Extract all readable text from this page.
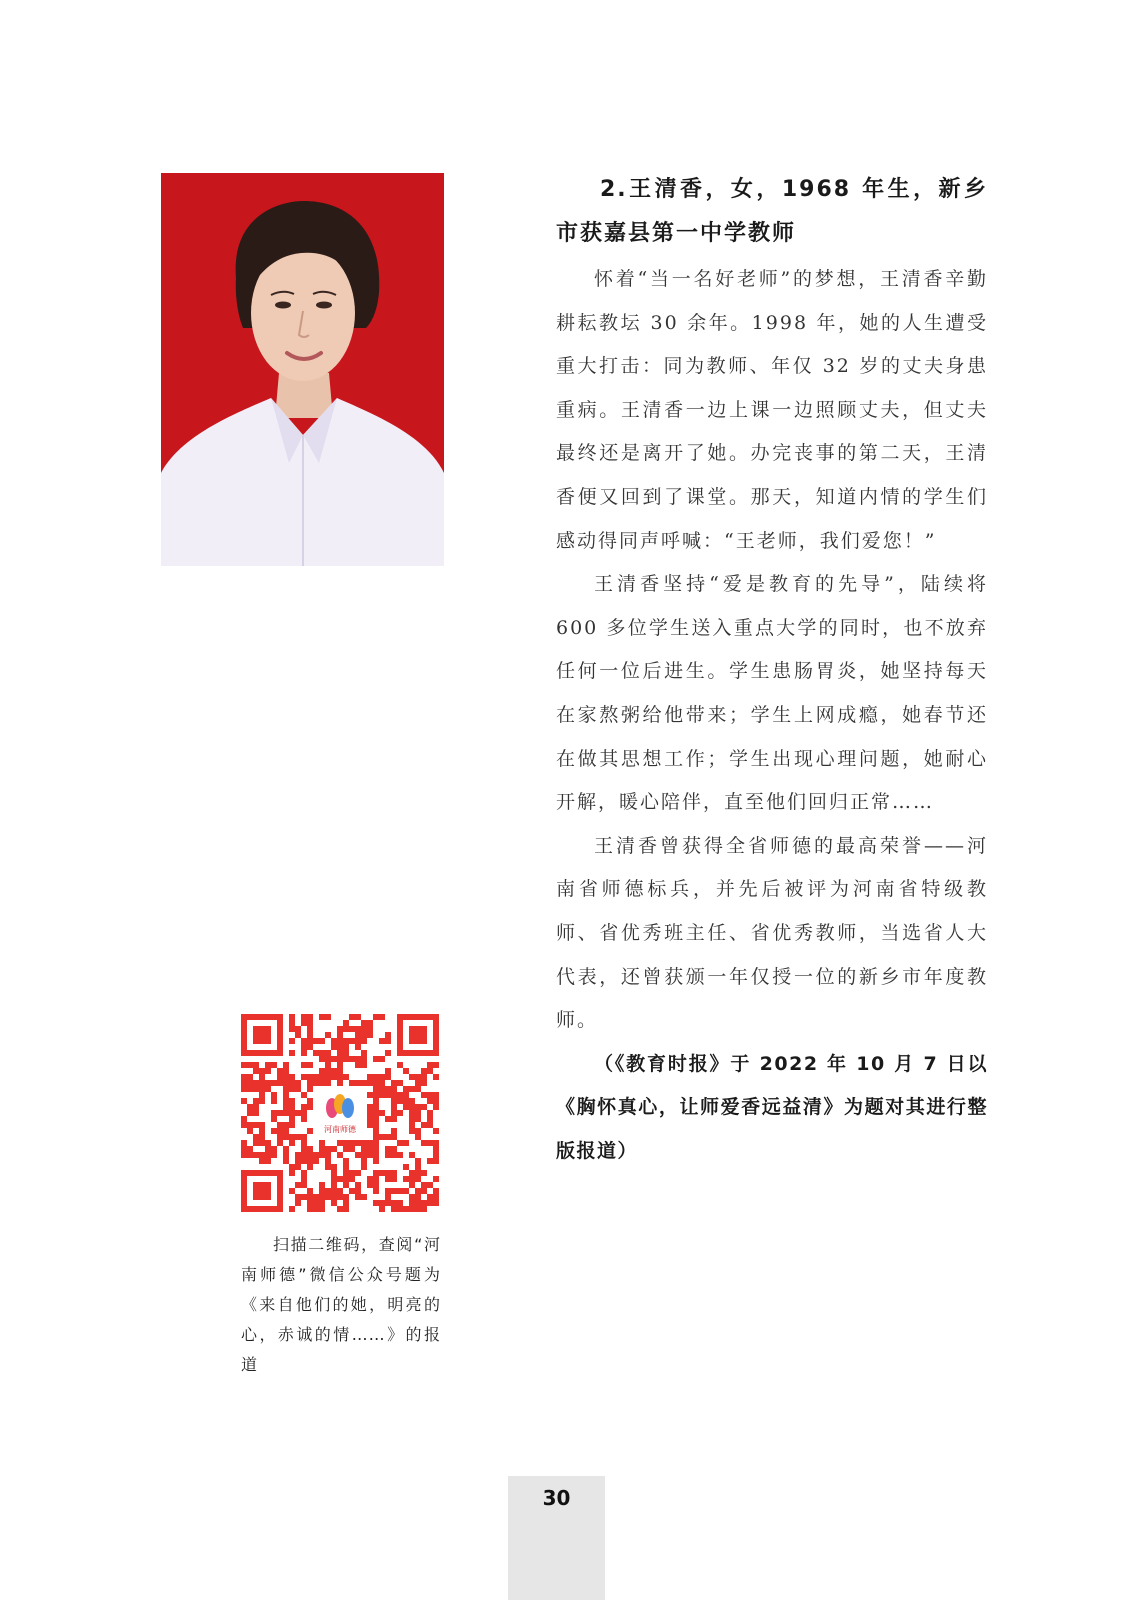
2.王清香，女，1968 年生，新乡市获嘉县第一中学教师

怀着“当一名好老师”的梦想，王清香辛勤耕耘教坛 30 余年。1998 年，她的人生遭受重大打击：同为教师、年仅 32 岁的丈夫身患重病。王清香一边上课一边照顾丈夫，但丈夫最终还是离开了她。办完丧事的第二天，王清香便又回到了课堂。那天，知道内情的学生们感动得同声呼喊：“王老师，我们爱您！”

王清香坚持“爱是教育的先导”，陆续将 600 多位学生送入重点大学的同时，也不放弃任何一位后进生。学生患肠胃炎，她坚持每天在家熬粥给他带来；学生上网成瘾，她春节还在做其思想工作；学生出现心理问题，她耐心开解，暖心陪伴，直至他们回归正常……

王清香曾获得全省师德的最高荣誉——河南省师德标兵，并先后被评为河南省特级教师、省优秀班主任、省优秀教师，当选省人大代表，还曾获颁一年仅授一位的新乡市年度教师。

（《教育时报》于 2022 年 10 月 7 日以《胸怀真心，让师爱香远益清》为题对其进行整版报道）

河南师德
扫描二维码，查阅“河南师德”微信公众号题为《来自他们的她，明亮的心，赤诚的情……》的报道
30
